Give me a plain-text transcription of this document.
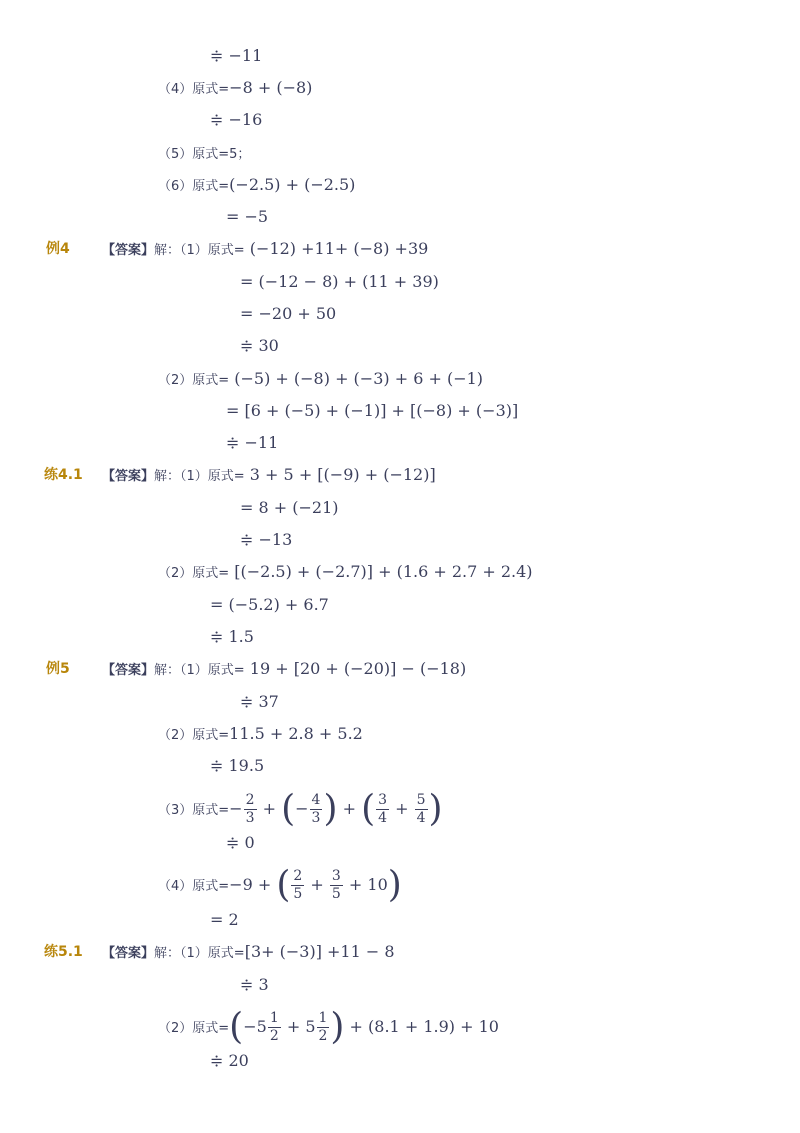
≑ −11
（4）原式=−8 + (−8)
≑ −16
（5）原式=5；
（6）原式=(−2.5) + (−2.5)
= −5
例4 【答案】解：（1）原式= (−12) +11+ (−8) +39
= (−12 − 8) + (11 + 39)
= −20 + 50
≑ 30
（2）原式= (−5) + (−8) + (−3) + 6 + (−1)
= [6 + (−5) + (−1)] + [(−8) + (−3)]
≑ −11
练4.1 【答案】解：（1）原式= 3 + 5 + [(−9) + (−12)]
= 8 + (−21)
≑ −13
（2）原式= [(−2.5) + (−2.7)] + (1.6 + 2.7 + 2.4)
= (−5.2) + 6.7
≑ 1.5
例5 【答案】解：（1）原式= 19 + [20 + (−20)] − (−18)
≑ 37
（2）原式=11.5 + 2.8 + 5.2
≑ 19.5
（3）原式=− $\frac{2}{3}$ + (− $\frac{4}{3}$ ) + ( $\frac{3}{4} + \frac{5}{4}$ )
≑ 0
（4）原式=−9 + ( $\frac{2}{5} + \frac{3}{5} + 10$)
= 2
练5.1 【答案】解：（1）原式=[3+ (−3)] +11 − 8
≑ 3
（2）原式$=(-5 \frac{1}{2} + 5 \frac{1}{2}$ ) + (8.1 + 1.9) + 10
≑ 20
